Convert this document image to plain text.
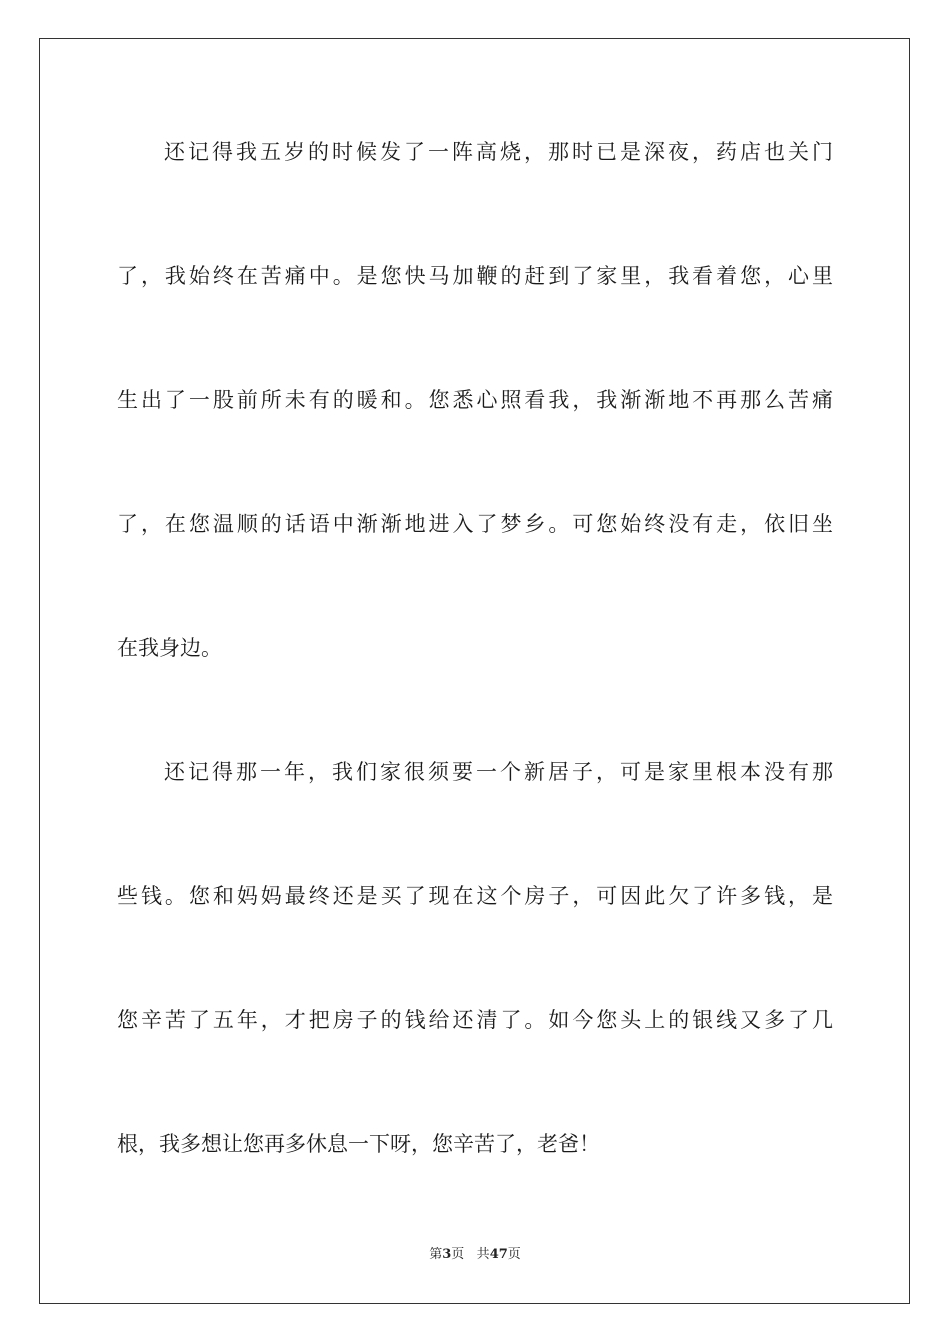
还记得我五岁的时候发了一阵高烧，那时已是深夜，药店也关门
了，我始终在苦痛中。是您快马加鞭的赶到了家里，我看着您，心里
生出了一股前所未有的暖和。您悉心照看我，我渐渐地不再那么苦痛
了，在您温顺的话语中渐渐地进入了梦乡。可您始终没有走，依旧坐
在我身边。
还记得那一年，我们家很须要一个新居子，可是家里根本没有那
些钱。您和妈妈最终还是买了现在这个房子，可因此欠了许多钱，是
您辛苦了五年，才把房子的钱给还清了。如今您头上的银线又多了几
根，我多想让您再多休息一下呀，您辛苦了，老爸！
第3页 共47页
